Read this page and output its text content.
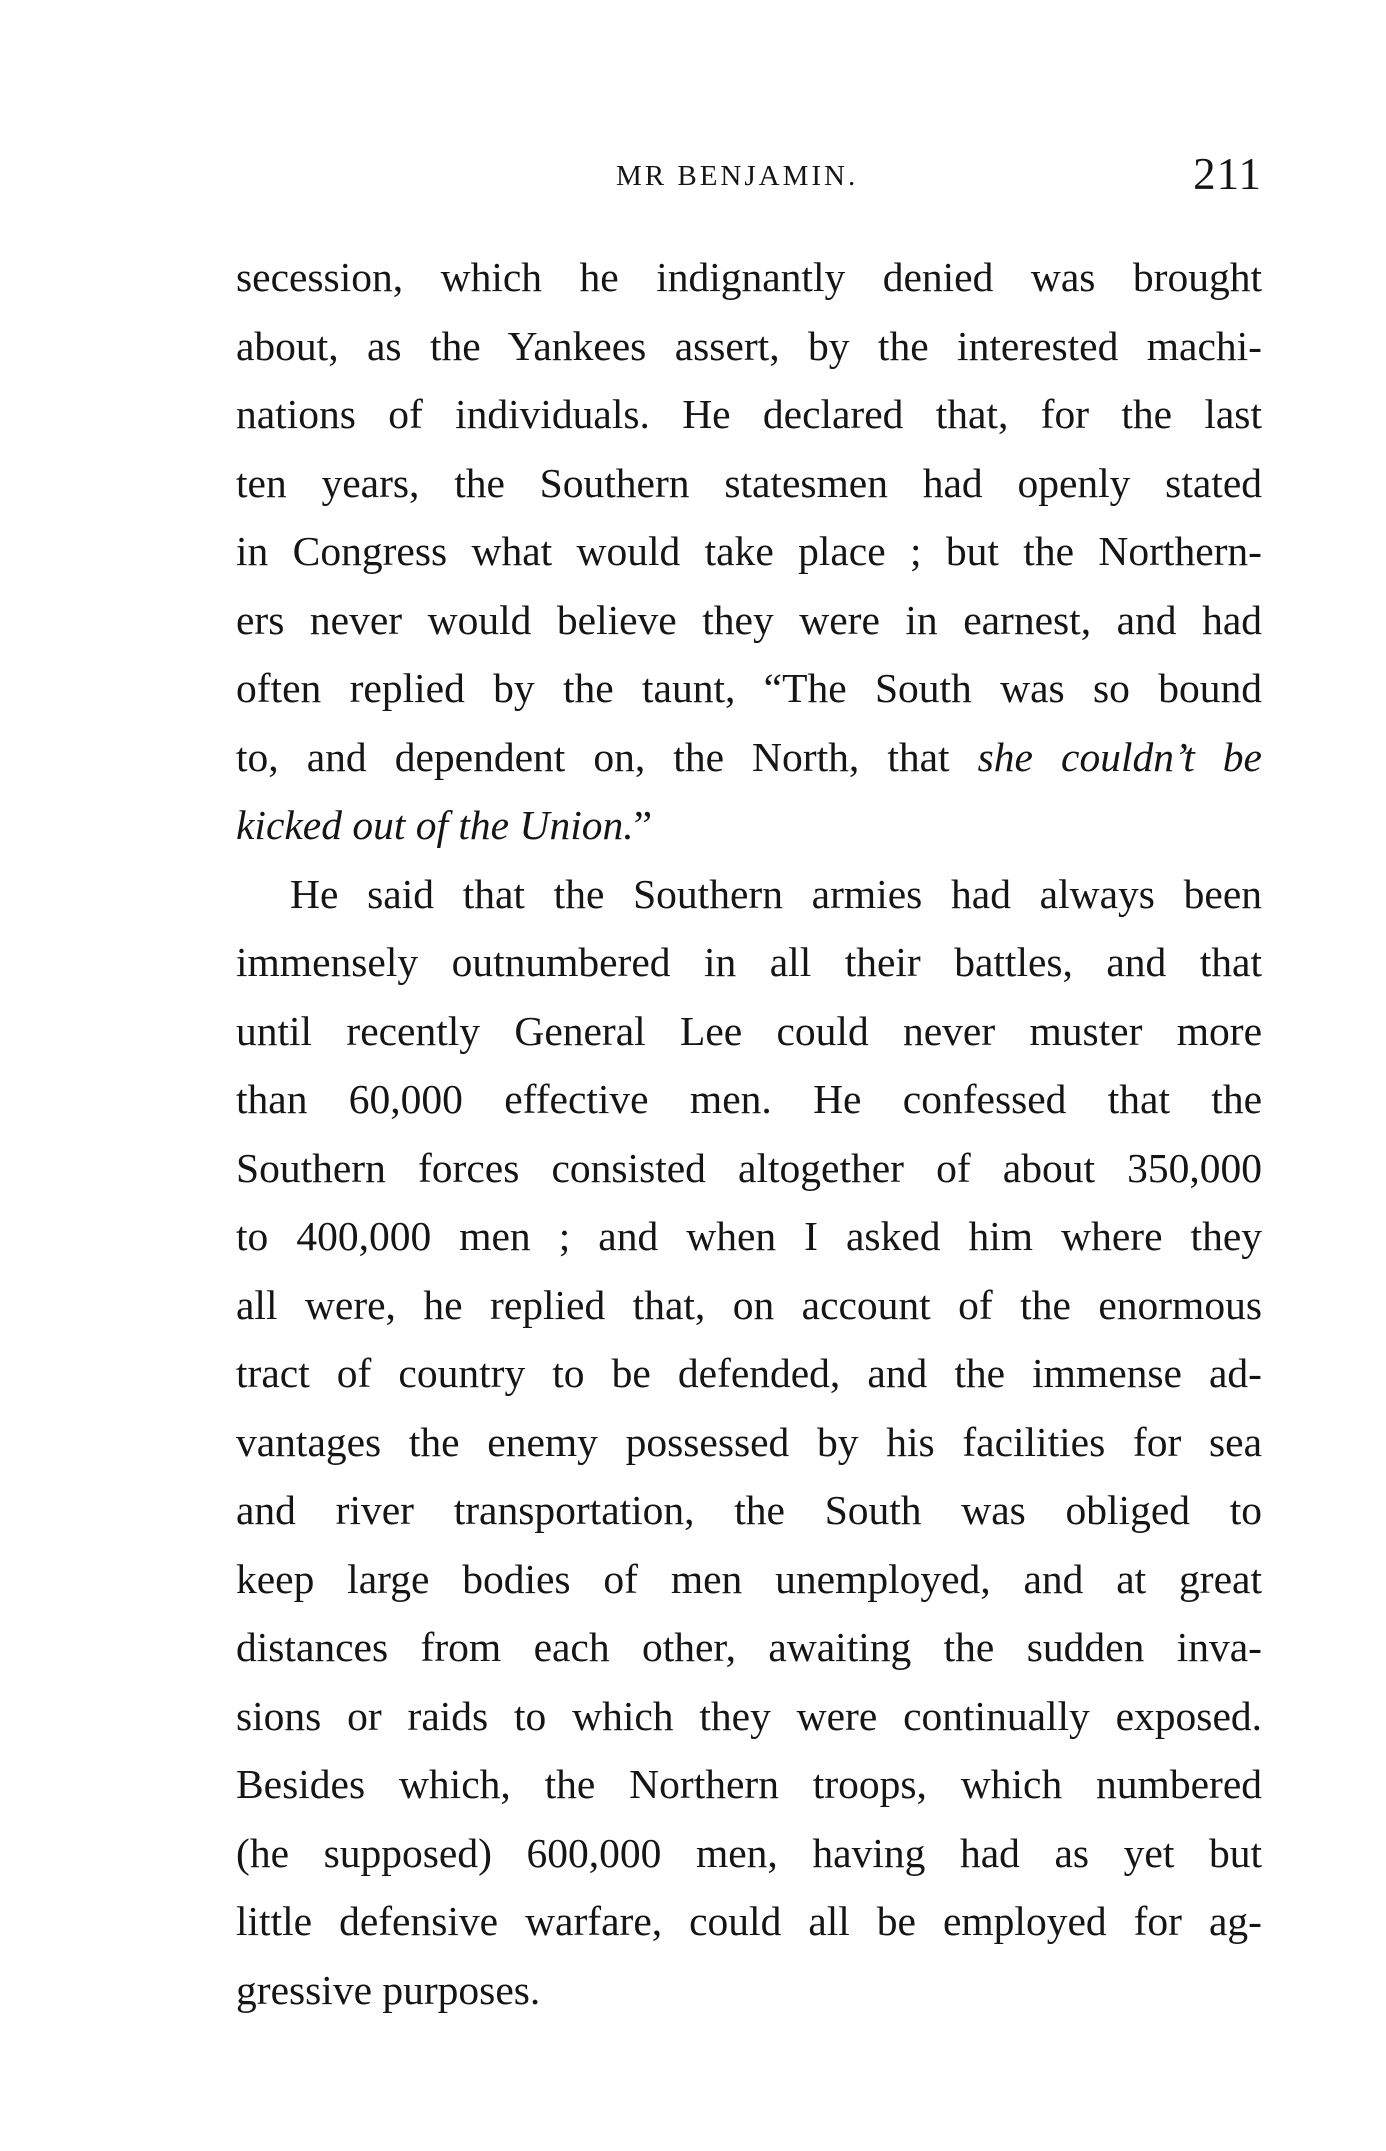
MR BENJAMIN.	211
secession, which he indignantly denied was brought
about, as the Yankees assert, by the interested machi-
nations of individuals. He declared that, for the last
ten years, the Southern statesmen had openly stated
in Congress what would take place ; but the Northern-
ers never would believe they were in earnest, and had
often replied by the taunt, “The South was so bound
to, and dependent on, the North, that she couldn’t be
kicked out of the Union.”
He said that the Southern armies had always been
immensely outnumbered in all their battles, and that
until recently General Lee could never muster more
than 60,000 effective men. He confessed that the
Southern forces consisted altogether of about 350,000
to 400,000 men ; and when I asked him where they
all were, he replied that, on account of the enormous
tract of country to be defended, and the immense ad-
vantages the enemy possessed by his facilities for sea
and river transportation, the South was obliged to
keep large bodies of men unemployed, and at great
distances from each other, awaiting the sudden inva-
sions or raids to which they were continually exposed.
Besides which, the Northern troops, which numbered
(he supposed) 600,000 men, having had as yet but
little defensive warfare, could all be employed for ag-
gressive purposes.
